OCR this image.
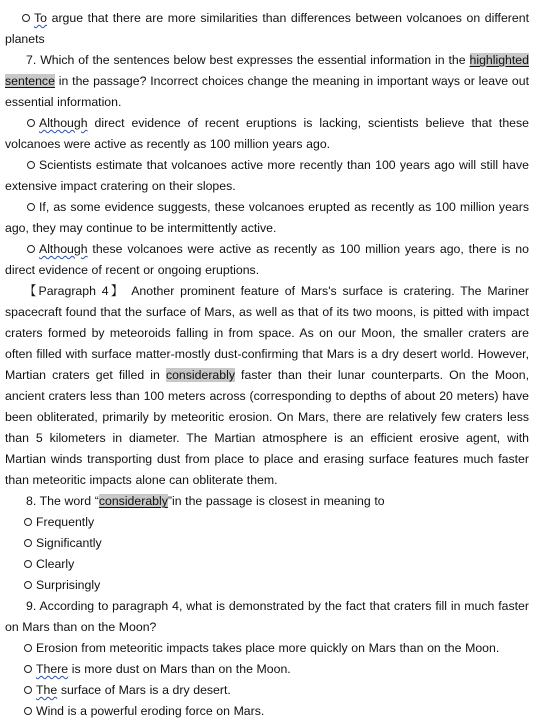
To argue that there are more similarities than differences between volcanoes on different planets

7. Which of the sentences below best expresses the essential information in the highlighted sentence in the passage? Incorrect choices change the meaning in important ways or leave out essential information.

Although direct evidence of recent eruptions is lacking, scientists believe that these volcanoes were active as recently as 100 million years ago.

Scientists estimate that volcanoes active more recently than 100 years ago will still have extensive impact cratering on their slopes.

If, as some evidence suggests, these volcanoes erupted as recently as 100 million years ago, they may continue to be intermittently active.

Although these volcanoes were active as recently as 100 million years ago, there is no direct evidence of recent or ongoing eruptions.

【Paragraph 4】 Another prominent feature of Mars's surface is cratering. The Mariner spacecraft found that the surface of Mars, as well as that of its two moons, is pitted with impact craters formed by meteoroids falling in from space. As on our Moon, the smaller craters are often filled with surface matter-mostly dust-confirming that Mars is a dry desert world. However, Martian craters get filled in considerably faster than their lunar counterparts. On the Moon, ancient craters less than 100 meters across (corresponding to depths of about 20 meters) have been obliterated, primarily by meteoritic erosion. On Mars, there are relatively few craters less than 5 kilometers in diameter. The Martian atmosphere is an efficient erosive agent, with Martian winds transporting dust from place to place and erasing surface features much faster than meteoritic impacts alone can obliterate them.

8. The word “considerably”in the passage is closest in meaning to

Frequently

Significantly

Clearly

Surprisingly

9. According to paragraph 4, what is demonstrated by the fact that craters fill in much faster on Mars than on the Moon?

Erosion from meteoritic impacts takes place more quickly on Mars than on the Moon.

There is more dust on Mars than on the Moon.

The surface of Mars is a dry desert.

Wind is a powerful eroding force on Mars.
